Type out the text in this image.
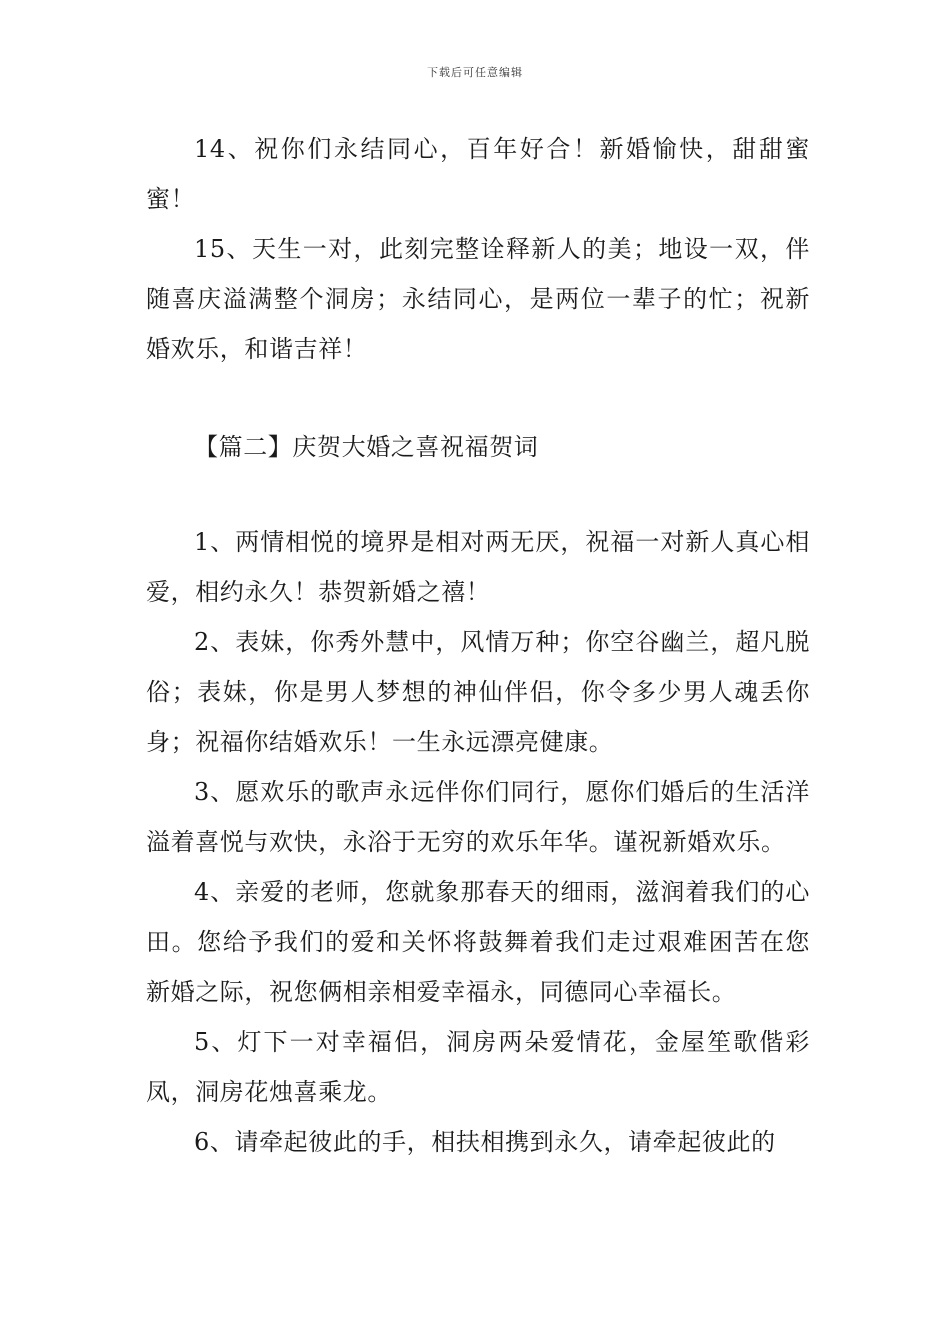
下载后可任意编辑

14、祝你们永结同心，百年好合！新婚愉快，甜甜蜜蜜！

15、天生一对，此刻完整诠释新人的美；地设一双，伴随喜庆溢满整个洞房；永结同心，是两位一辈子的忙；祝新婚欢乐，和谐吉祥！

【篇二】庆贺大婚之喜祝福贺词

1、两情相悦的境界是相对两无厌，祝福一对新人真心相爱，相约永久！恭贺新婚之禧！

2、表妹，你秀外慧中，风情万种；你空谷幽兰，超凡脱俗；表妹，你是男人梦想的神仙伴侣，你令多少男人魂丢你身；祝福你结婚欢乐！一生永远漂亮健康。

3、愿欢乐的歌声永远伴你们同行，愿你们婚后的生活洋溢着喜悦与欢快，永浴于无穷的欢乐年华。谨祝新婚欢乐。

4、亲爱的老师，您就象那春天的细雨，滋润着我们的心田。您给予我们的爱和关怀将鼓舞着我们走过艰难困苦在您新婚之际，祝您俩相亲相爱幸福永，同德同心幸福长。

5、灯下一对幸福侣，洞房两朵爱情花，金屋笙歌偕彩凤，洞房花烛喜乘龙。

6、请牵起彼此的手，相扶相携到永久，请牵起彼此的
